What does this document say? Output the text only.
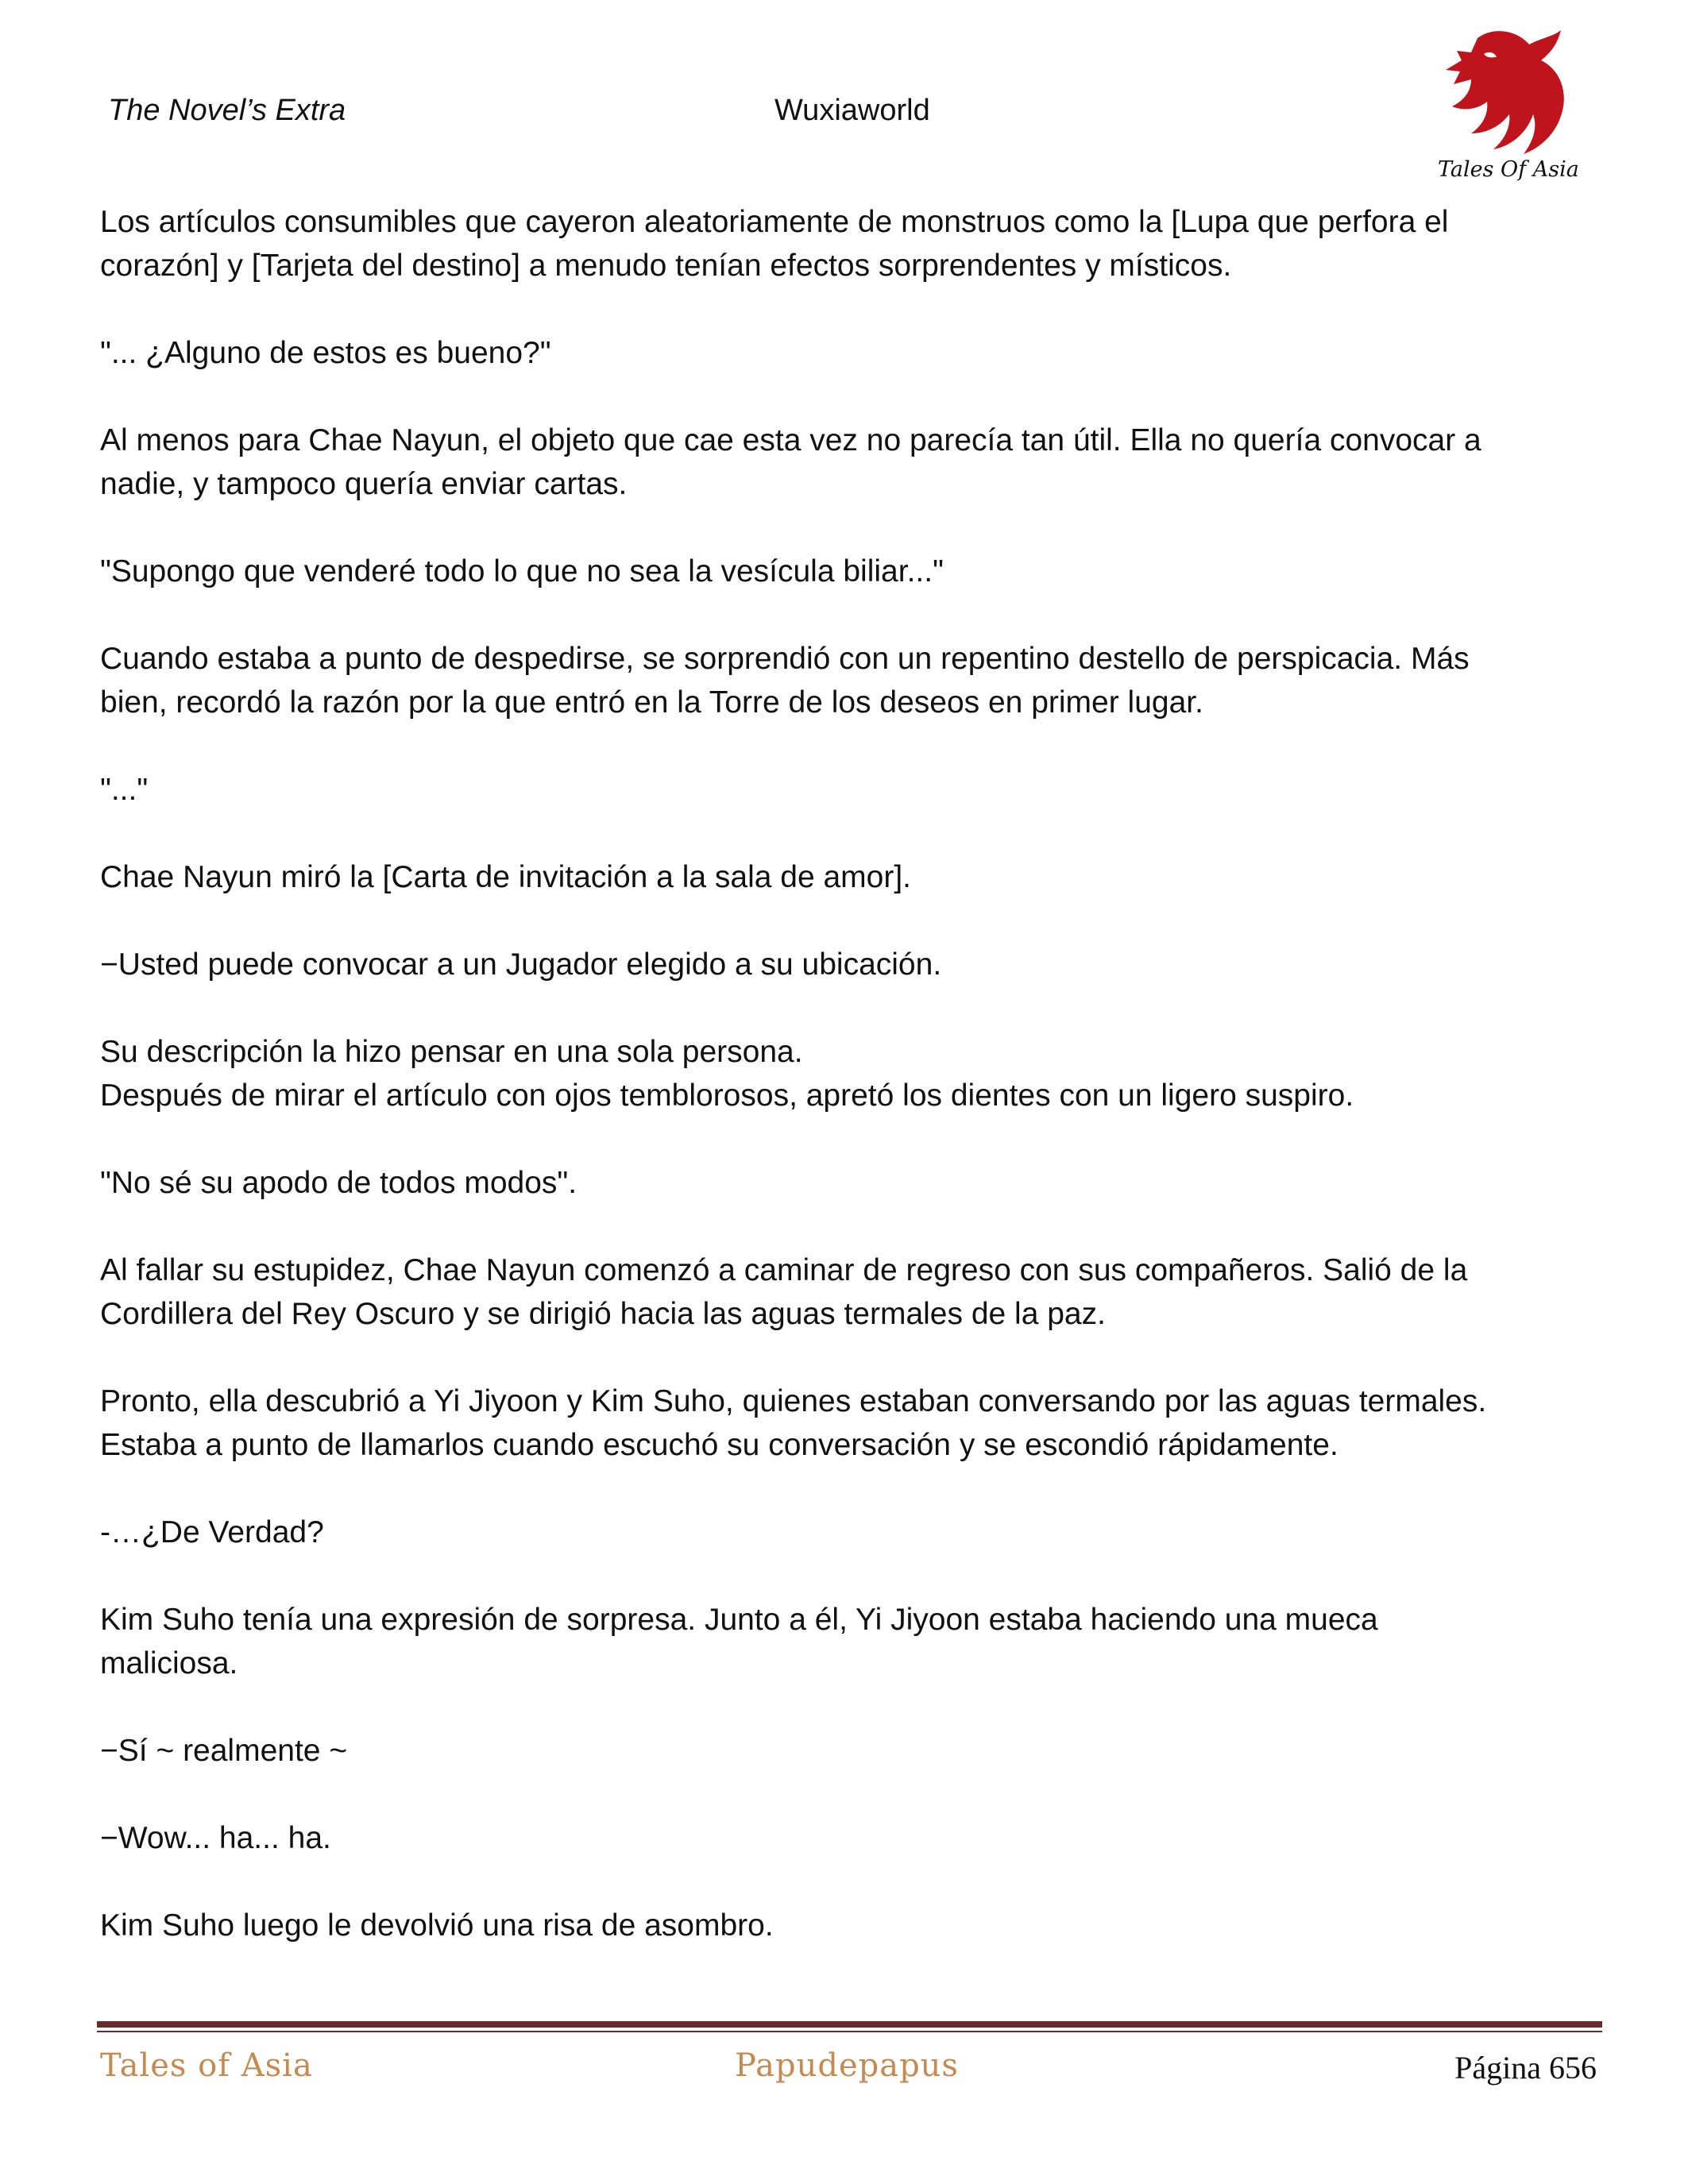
The Novel’s Extra	Wuxiaworld
Tales Of Asia

Los artículos consumibles que cayeron aleatoriamente de monstruos como la [Lupa que perfora el
corazón] y [Tarjeta del destino] a menudo tenían efectos sorprendentes y místicos.

"... ¿Alguno de estos es bueno?"

Al menos para Chae Nayun, el objeto que cae esta vez no parecía tan útil. Ella no quería convocar a
nadie, y tampoco quería enviar cartas.

"Supongo que venderé todo lo que no sea la vesícula biliar..."

Cuando estaba a punto de despedirse, se sorprendió con un repentino destello de perspicacia. Más
bien, recordó la razón por la que entró en la Torre de los deseos en primer lugar.

"..."

Chae Nayun miró la [Carta de invitación a la sala de amor].

−Usted puede convocar a un Jugador elegido a su ubicación.

Su descripción la hizo pensar en una sola persona.
Después de mirar el artículo con ojos temblorosos, apretó los dientes con un ligero suspiro.

"No sé su apodo de todos modos".

Al fallar su estupidez, Chae Nayun comenzó a caminar de regreso con sus compañeros. Salió de la
Cordillera del Rey Oscuro y se dirigió hacia las aguas termales de la paz.

Pronto, ella descubrió a Yi Jiyoon y Kim Suho, quienes estaban conversando por las aguas termales.
Estaba a punto de llamarlos cuando escuchó su conversación y se escondió rápidamente.

-…¿De Verdad?

Kim Suho tenía una expresión de sorpresa. Junto a él, Yi Jiyoon estaba haciendo una mueca
maliciosa.

−Sí ~ realmente ~

−Wow... ha... ha.

Kim Suho luego le devolvió una risa de asombro.

Tales of Asia	Papudepapus	Página 656
